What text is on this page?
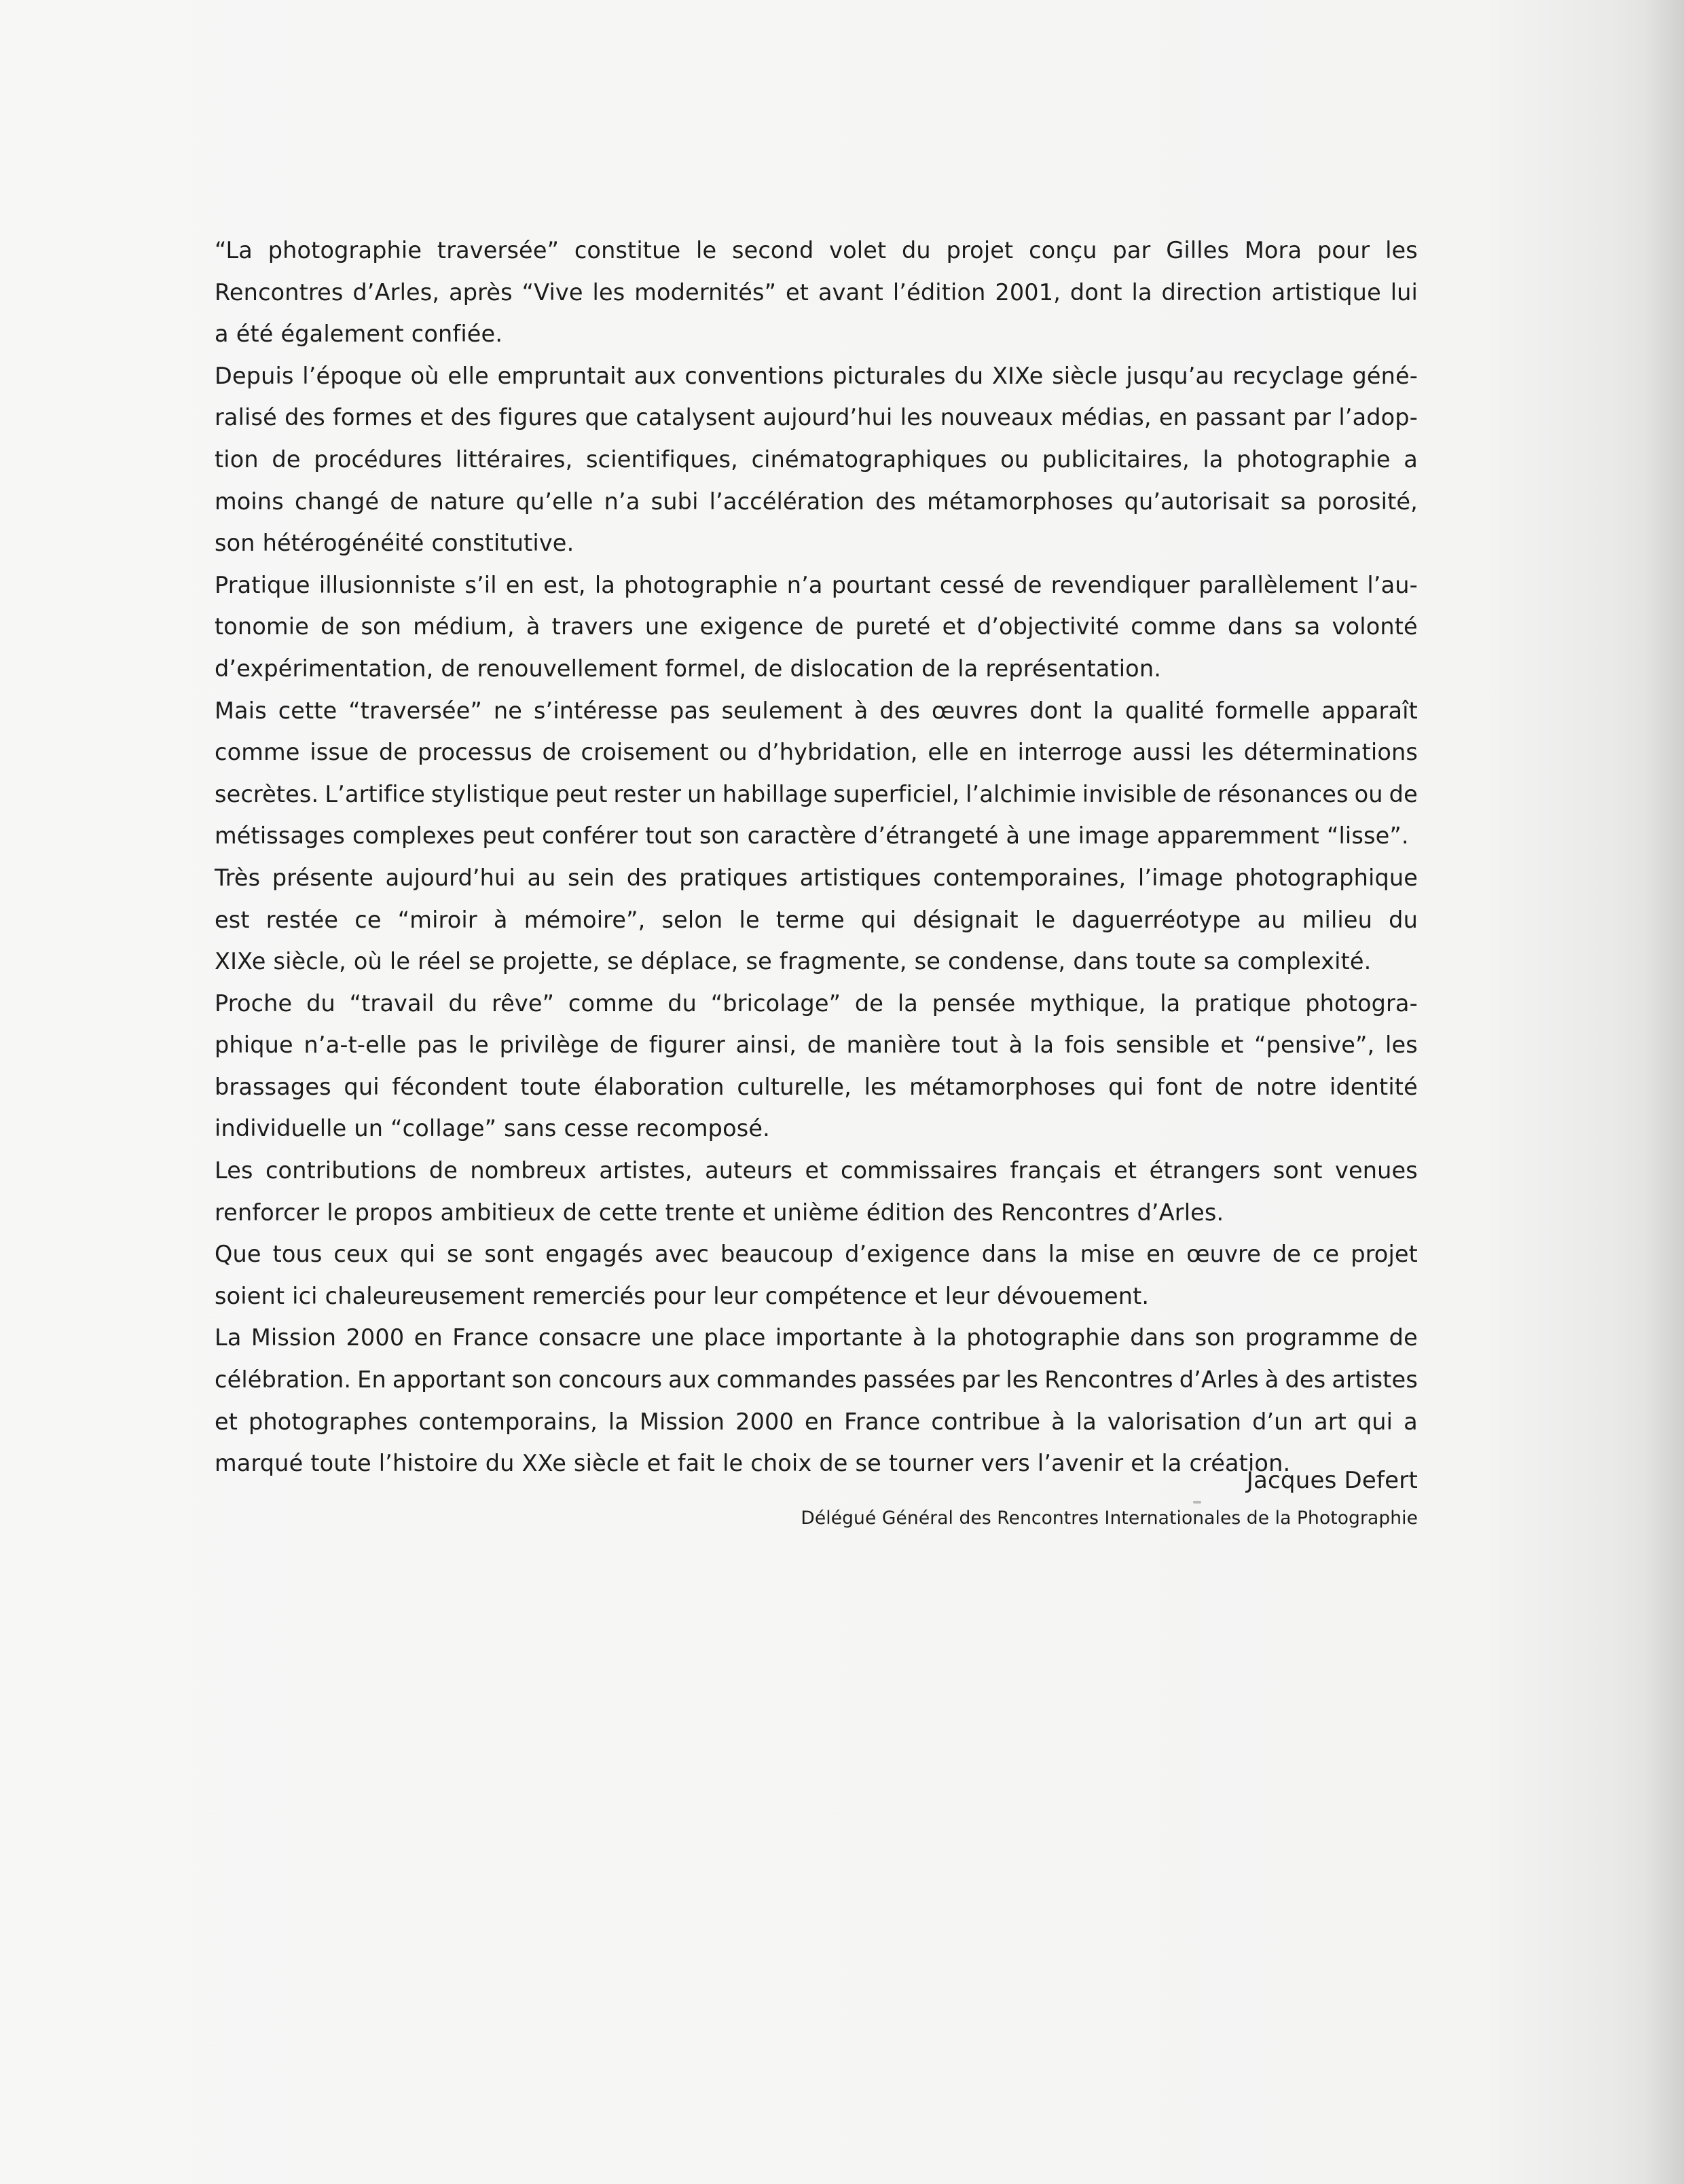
“La photographie traversée” constitue le second volet du projet conçu par Gilles Mora pour les
Rencontres d’Arles, après “Vive les modernités” et avant l’édition 2001, dont la direction artistique lui
a été également confiée.
Depuis l’époque où elle empruntait aux conventions picturales du XIXe siècle jusqu’au recyclage géné-
ralisé des formes et des figures que catalysent aujourd’hui les nouveaux médias, en passant par l’adop-
tion de procédures littéraires, scientifiques, cinématographiques ou publicitaires, la photographie a
moins changé de nature qu’elle n’a subi l’accélération des métamorphoses qu’autorisait sa porosité,
son hétérogénéité constitutive.
Pratique illusionniste s’il en est, la photographie n’a pourtant cessé de revendiquer parallèlement l’au-
tonomie de son médium, à travers une exigence de pureté et d’objectivité comme dans sa volonté
d’expérimentation, de renouvellement formel, de dislocation de la représentation.
Mais cette “traversée” ne s’intéresse pas seulement à des œuvres dont la qualité formelle apparaît
comme issue de processus de croisement ou d’hybridation, elle en interroge aussi les déterminations
secrètes. L’artifice stylistique peut rester un habillage superficiel, l’alchimie invisible de résonances ou de
métissages complexes peut conférer tout son caractère d’étrangeté à une image apparemment “lisse”.
Très présente aujourd’hui au sein des pratiques artistiques contemporaines, l’image photographique
est restée ce “miroir à mémoire”, selon le terme qui désignait le daguerréotype au milieu du
XIXe siècle, où le réel se projette, se déplace, se fragmente, se condense, dans toute sa complexité.
Proche du “travail du rêve” comme du “bricolage” de la pensée mythique, la pratique photogra-
phique n’a-t-elle pas le privilège de figurer ainsi, de manière tout à la fois sensible et “pensive”, les
brassages qui fécondent toute élaboration culturelle, les métamorphoses qui font de notre identité
individuelle un “collage” sans cesse recomposé.
Les contributions de nombreux artistes, auteurs et commissaires français et étrangers sont venues
renforcer le propos ambitieux de cette trente et unième édition des Rencontres d’Arles.
Que tous ceux qui se sont engagés avec beaucoup d’exigence dans la mise en œuvre de ce projet
soient ici chaleureusement remerciés pour leur compétence et leur dévouement.
La Mission 2000 en France consacre une place importante à la photographie dans son programme de
célébration. En apportant son concours aux commandes passées par les Rencontres d’Arles à des artistes
et photographes contemporains, la Mission 2000 en France contribue à la valorisation d’un art qui a
marqué toute l’histoire du XXe siècle et fait le choix de se tourner vers l’avenir et la création.
Jacques Defert
Délégué Général des Rencontres Internationales de la Photographie
